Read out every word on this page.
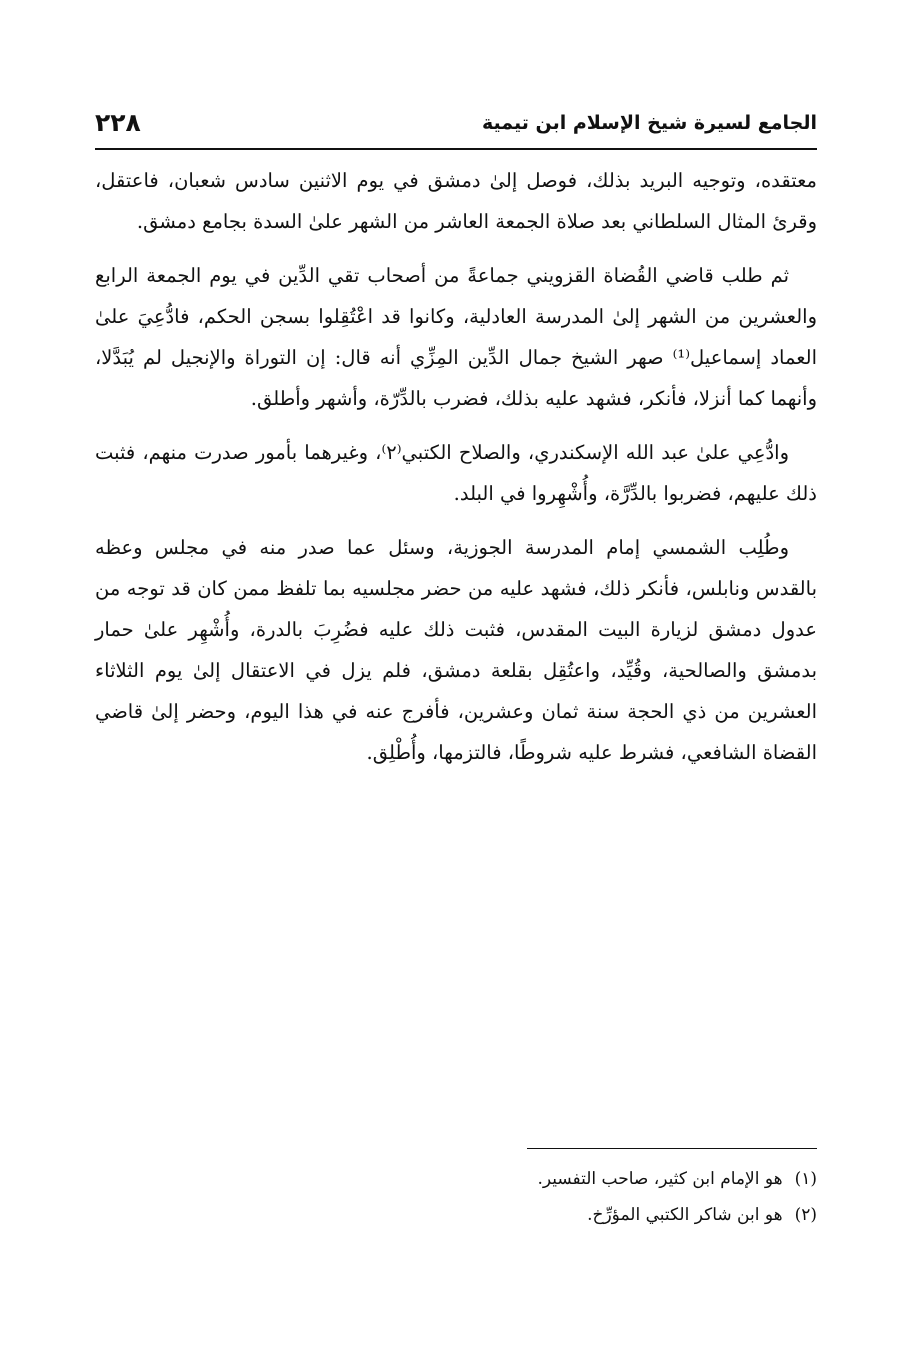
الجامع لسيرة شيخ الإسلام ابن تيمية
٢٢٨

معتقده، وتوجيه البريد بذلك، فوصل إلىٰ دمشق في يوم الاثنين سادس شعبان، فاعتقل، وقرئ المثال السلطاني بعد صلاة الجمعة العاشر من الشهر علىٰ السدة بجامع دمشق.

ثم طلب قاضي القُضاة القزويني جماعةً من أصحاب تقي الدِّين في يوم الجمعة الرابع والعشرين من الشهر إلىٰ المدرسة العادلية، وكانوا قد اعْتُقِلوا بسجن الحكم، فادُّعِيَ علىٰ العماد إسماعيل⁽¹⁾ صهر الشيخ جمال الدِّين المِزِّي أنه قال: إن التوراة والإنجيل لم يُبَدَّلا، وأنهما كما أنزلا، فأنكر، فشهد عليه بذلك، فضرب بالدِّرّة، وأشهر وأطلق.

وادُّعِي علىٰ عبد الله الإسكندري، والصلاح الكتبي⁽٢⁾، وغيرهما بأمور صدرت منهم، فثبت ذلك عليهم، فضربوا بالدِّرَّة، وأُشْهِروا في البلد.

وطُلِب الشمسي إمام المدرسة الجوزية، وسئل عما صدر منه في مجلس وعظه بالقدس ونابلس، فأنكر ذلك، فشهد عليه من حضر مجلسيه بما تلفظ ممن كان قد توجه من عدول دمشق لزيارة البيت المقدس، فثبت ذلك عليه فضُرِبَ بالدرة، وأُشْهِر علىٰ حمار بدمشق والصالحية، وقُيِّد، واعتُقِل بقلعة دمشق، فلم يزل في الاعتقال إلىٰ يوم الثلاثاء العشرين من ذي الحجة سنة ثمان وعشرين، فأفرج عنه في هذا اليوم، وحضر إلىٰ قاضي القضاة الشافعي، فشرط عليه شروطًا، فالتزمها، وأُطْلِق.

(١)هو الإمام ابن كثير، صاحب التفسير.
(٢)هو ابن شاكر الكتبي المؤرِّخ.
